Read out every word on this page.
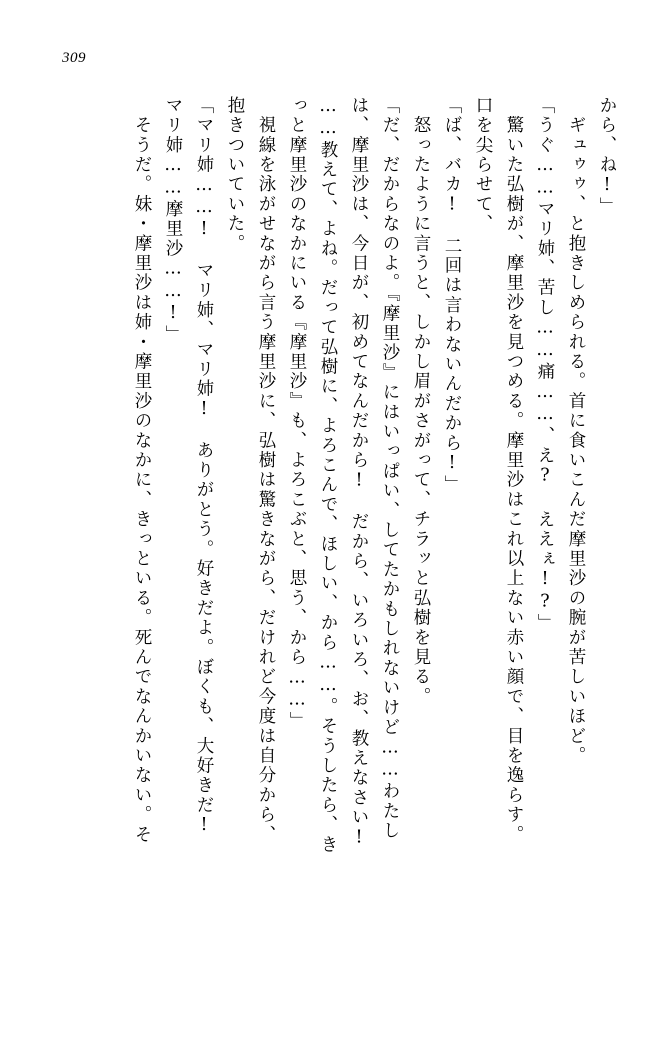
309
から、ね!」
　ギュゥゥ、と抱きしめられる。首に食いこんだ摩里沙の腕が苦しいほど。
「うぐ……マリ姉、苦し……痛……、え? ええぇ!?」
　驚いた弘樹が、摩里沙を見つめる。摩里沙はこれ以上ない赤い顔で、目を逸らす。
口を尖らせて、
「ば、バカ!　二回は言わないんだから!」
　怒ったように言うと、しかし眉がさがって、チラッと弘樹を見る。
「だ、だからなのよ。『摩里沙』にはいっぱい、してたかもしれないけど……わたし
は、摩里沙は、今日が、初めてなんだから!　だから、いろいろ、お、教えなさい!
……教えて、よね。だって弘樹に、よろこんで、ほしい、から……。そうしたら、き
っと摩里沙のなかにいる『摩里沙』も、よろこぶと、思う、から……」
　視線を泳がせながら言う摩里沙に、弘樹は驚きながら、だけれど今度は自分から、
抱きついていた。
「マリ姉……!　マリ姉、マリ姉!　ありがとう。好きだよ。ぼくも、大好きだ!
マリ姉……摩里沙……!」
　そうだ。妹・摩里沙は姉・摩里沙のなかに、きっといる。死んでなんかいない。そ
